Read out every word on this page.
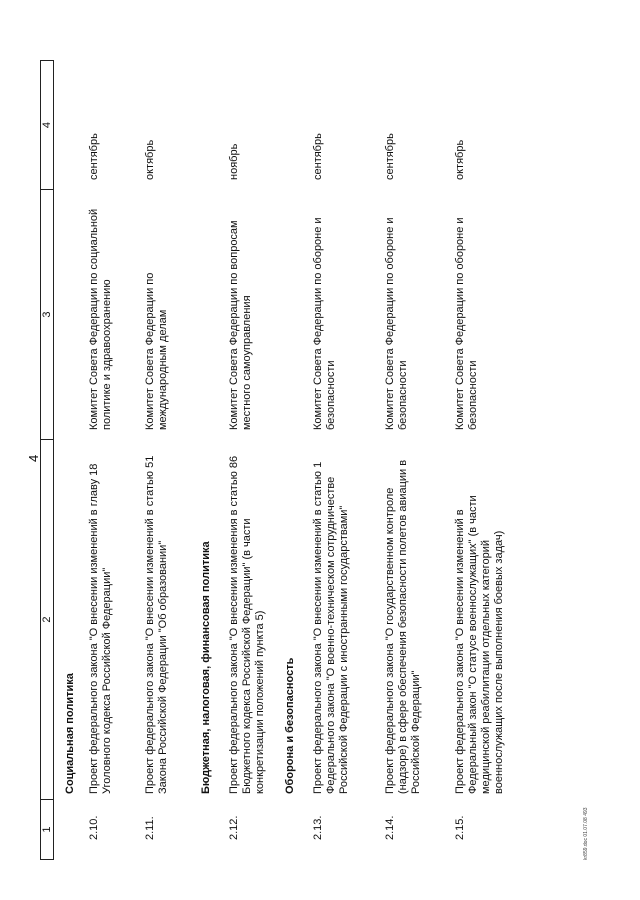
4
1
2
3
4
Социальная политика
2.10.
Проект федерального закона "О внесении изменений в главу 18 Уголовного кодекса Российской Федерации"
Комитет Совета Федерации по социальной политике и здравоохранению
сентябрь
2.11.
Проект федерального закона "О внесении изменений в статью 51 Закона Российской Федерации "Об образовании"
Комитет Совета Федерации по международным делам
октябрь
Бюджетная, налоговая, финансовая политика
2.12.
Проект федерального закона "О внесении изменения в статью 86 Бюджетного кодекса Российской Федерации" (в части конкретизации положений пункта 5)
Комитет Совета Федерации по вопросам местного самоуправления
ноябрь
Оборона и безопасность
2.13.
Проект федерального закона "О внесении изменений в статью 1 Федерального закона "О военно-техническом сотрудничестве Российской Федерации с иностранными государствами"
Комитет Совета Федерации по обороне и безопасности
сентябрь
2.14.
Проект федерального закона "О государственном контроле (надзоре) в сфере обеспечения безопасности полетов авиации в Российской Федерации"
Комитет Совета Федерации по обороне и безопасности
сентябрь
2.15.
Проект федерального закона "О внесении изменений в Федеральный закон "О статусе военнослужащих" (в части медицинской реабилитации отдельных категорий военнослужащих после выполнения боевых задач)
Комитет Совета Федерации по обороне и безопасности
октябрь
kr859.doc 01.07.08 493
